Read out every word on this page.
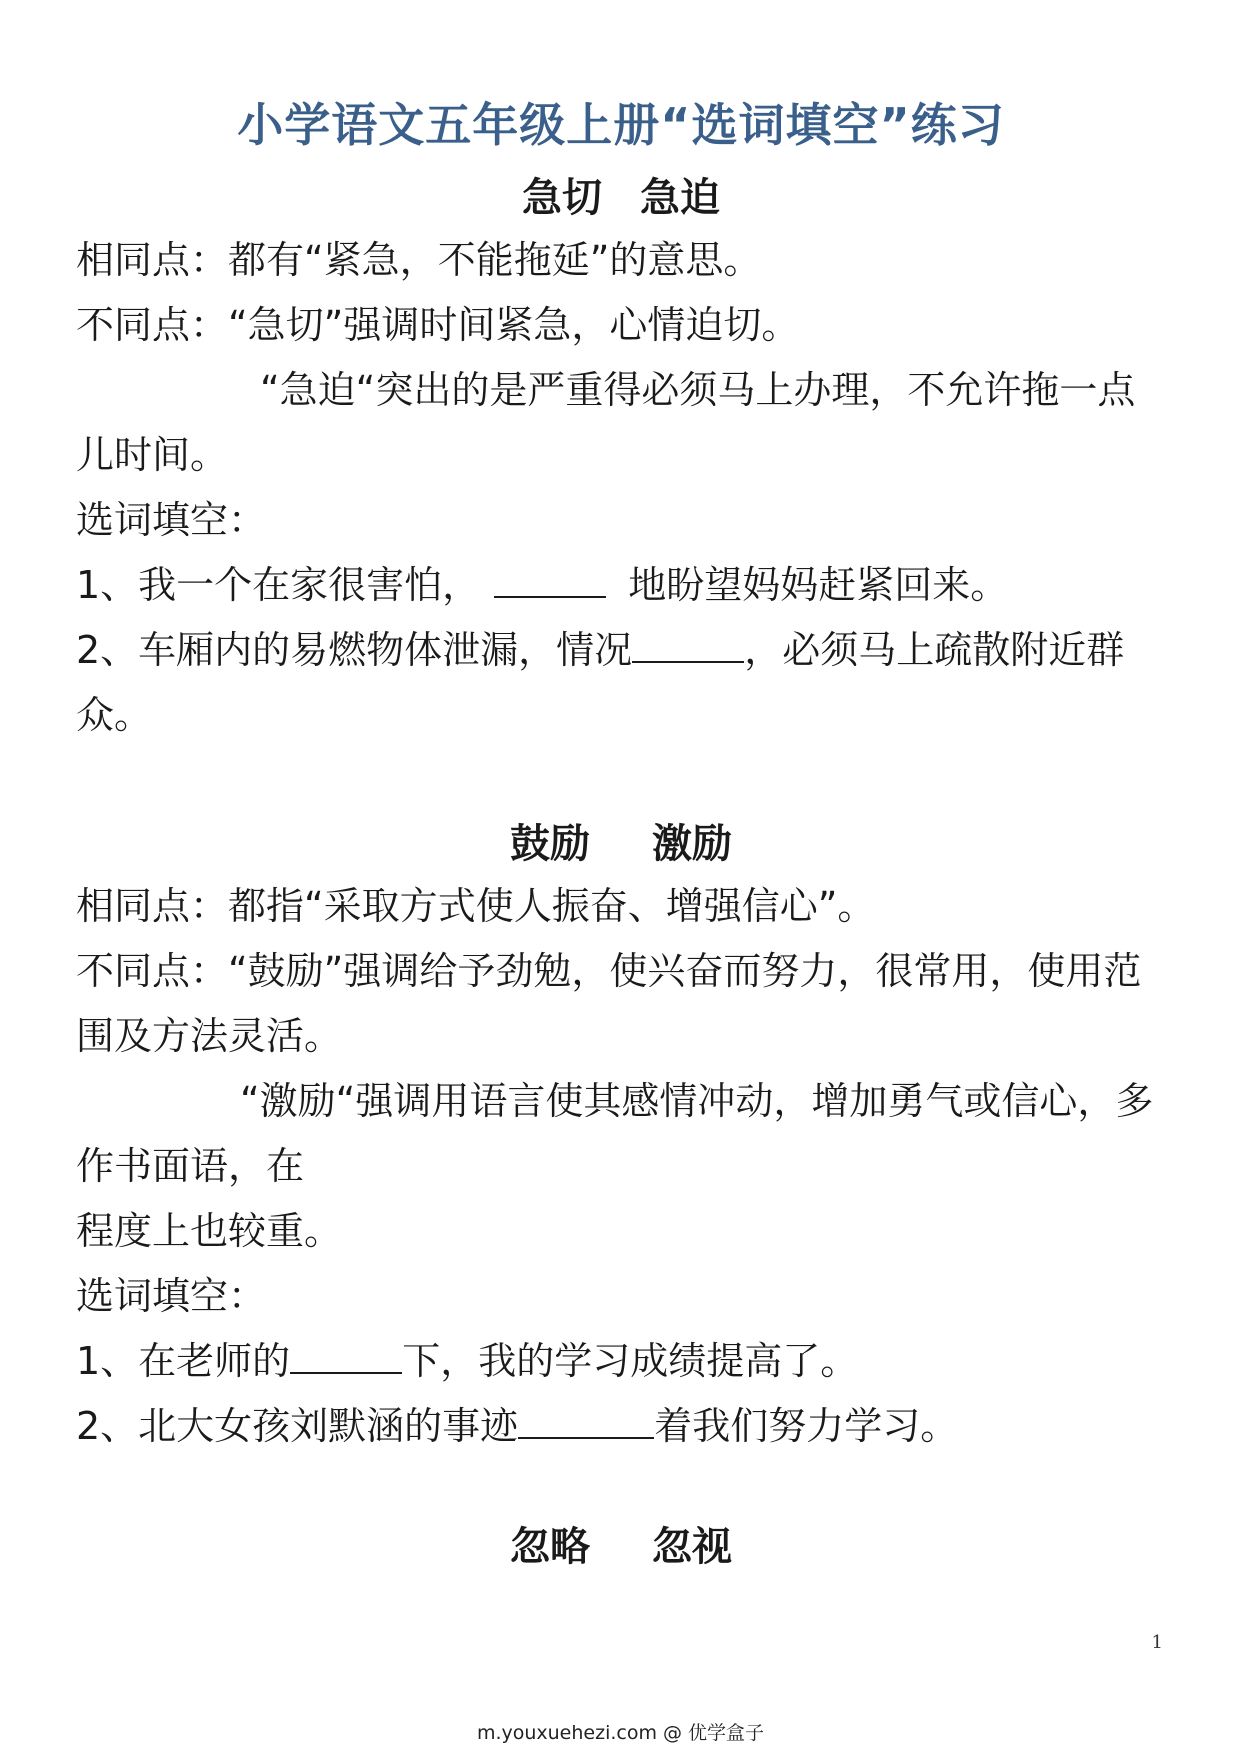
小学语文五年级上册“选词填空”练习
急切 急迫

相同点：都有“紧急，不能拖延”的意思。

不同点：“急切”强调时间紧急，心情迫切。

“急迫“突出的是严重得必须马上办理，不允许拖一点儿时间。

选词填空：

1、我一个在家很害怕，	地盼望妈妈赶紧回来。

2、车厢内的易燃物体泄漏，情况	，必须马上疏散附近群众。

鼓励 激励

相同点：都指“采取方式使人振奋、增强信心”。

不同点：“鼓励”强调给予劲勉，使兴奋而努力，很常用，使用范围及方法灵活。

“激励“强调用语言使其感情冲动，增加勇气或信心，多作书面语，在

程度上也较重。

选词填空：

1、在老师的	下，我的学习成绩提高了。

2、北大女孩刘默涵的事迹	着我们努力学习。

忽略 忽视
1
m.youxuehezi.com @ 优学盒子
